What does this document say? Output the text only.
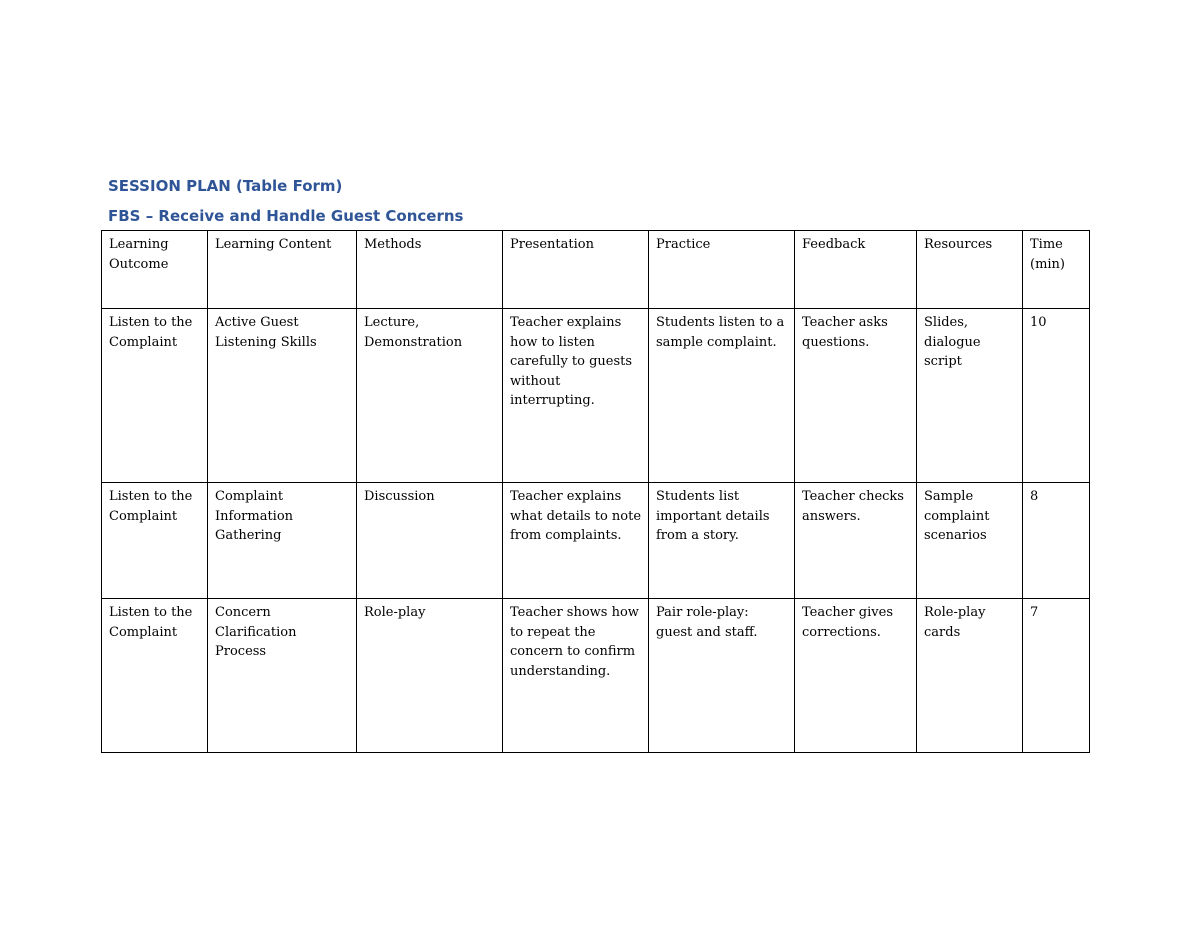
SESSION PLAN (Table Form)

FBS – Receive and Handle Guest Concerns

Learning Outcome	Learning Content	Methods	Presentation	Practice	Feedback	Resources	Time (min)
Listen to the Complaint	Active Guest Listening Skills	Lecture, Demonstration	Teacher explains how to listen carefully to guests without interrupting.	Students listen to a sample complaint.	Teacher asks questions.	Slides, dialogue script	10
Listen to the Complaint	Complaint Information Gathering	Discussion	Teacher explains what details to note from complaints.	Students list important details from a story.	Teacher checks answers.	Sample complaint scenarios	8
Listen to the Complaint	Concern Clarification Process	Role-play	Teacher shows how to repeat the concern to confirm understanding.	Pair role-play: guest and staff.	Teacher gives corrections.	Role-play cards	7
